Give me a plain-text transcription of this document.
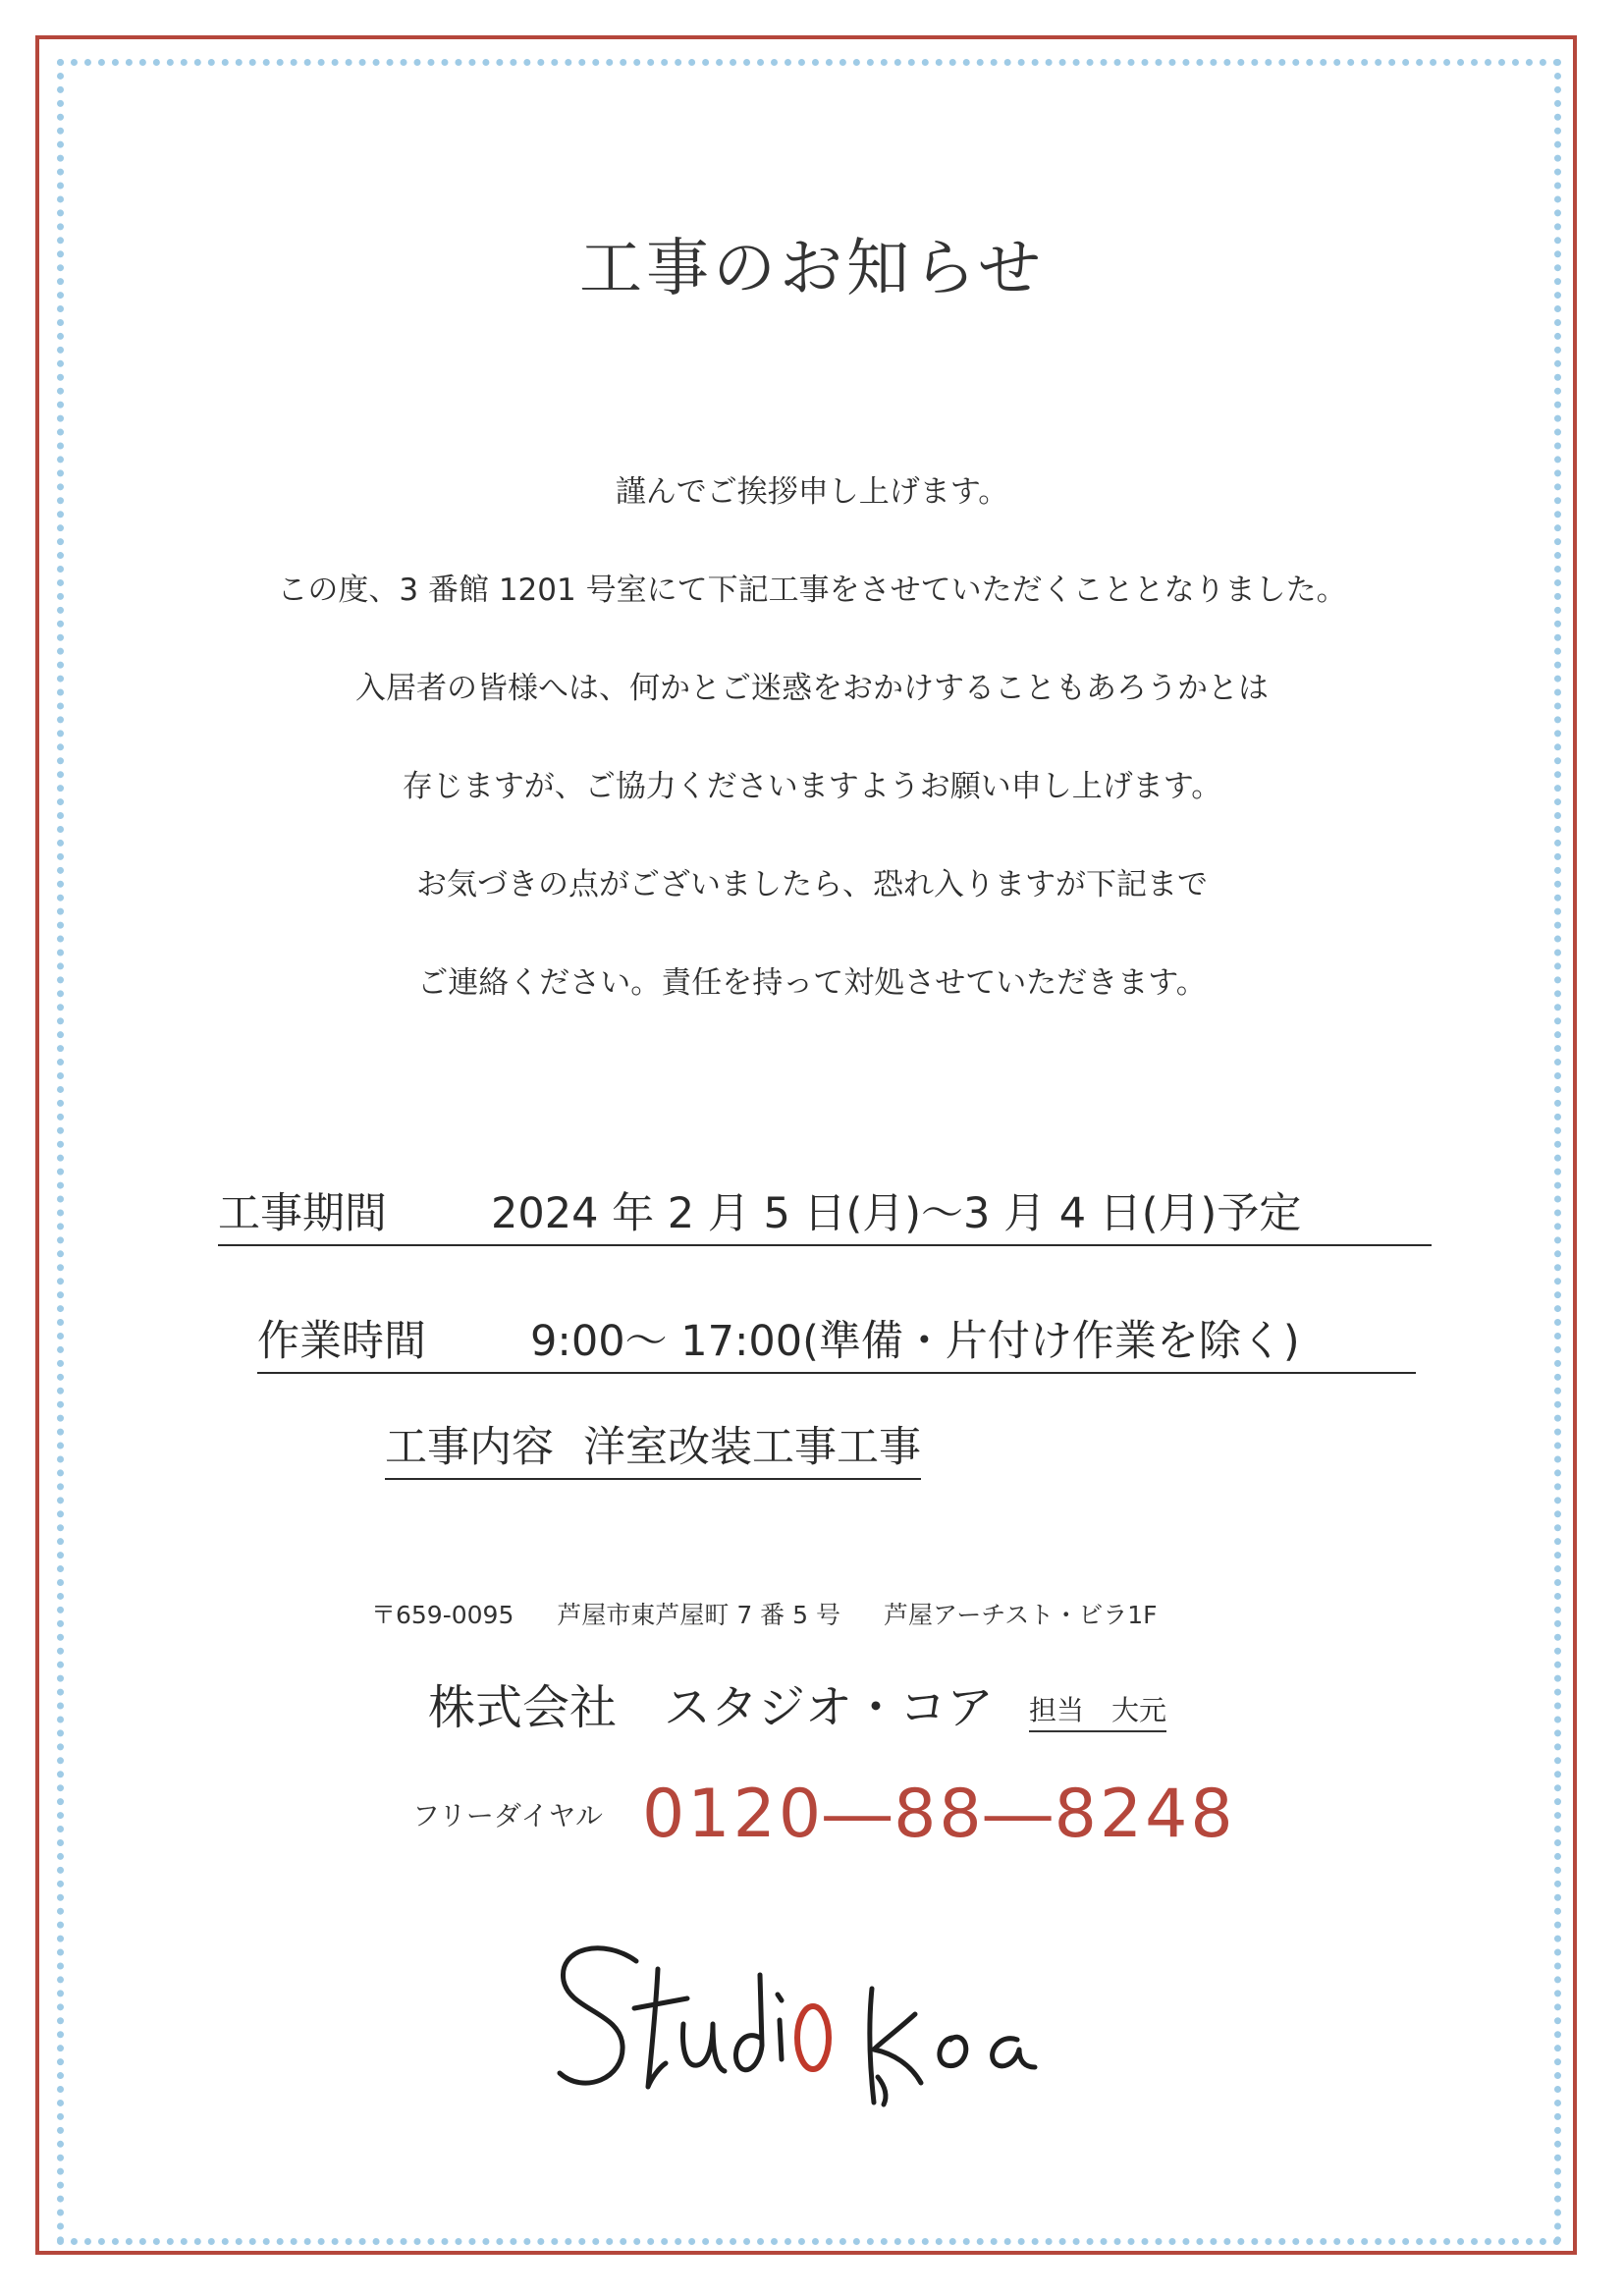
工事のお知らせ
謹んでご挨拶申し上げます。
この度、3 番館 1201 号室にて下記工事をさせていただくこととなりました。
入居者の皆様へは、何かとご迷惑をおかけすることもあろうかとは
存じますが、ご協力くださいますようお願い申し上げます。
お気づきの点がございましたら、恐れ入りますが下記まで
ご連絡ください。責任を持って対処させていただきます。
工事期間 2024 年 2 月 5 日(月)～3 月 4 日(月)予定
作業時間 9:00～ 17:00(準備・片付け作業を除く)
工事内容 洋室改装工事工事
〒659-0095 芦屋市東芦屋町 7 番 5 号 芦屋アーチスト・ビラ1F
株式会社　スタジオ・コア 担当　大元
フリーダイヤル 0120―88―8248
